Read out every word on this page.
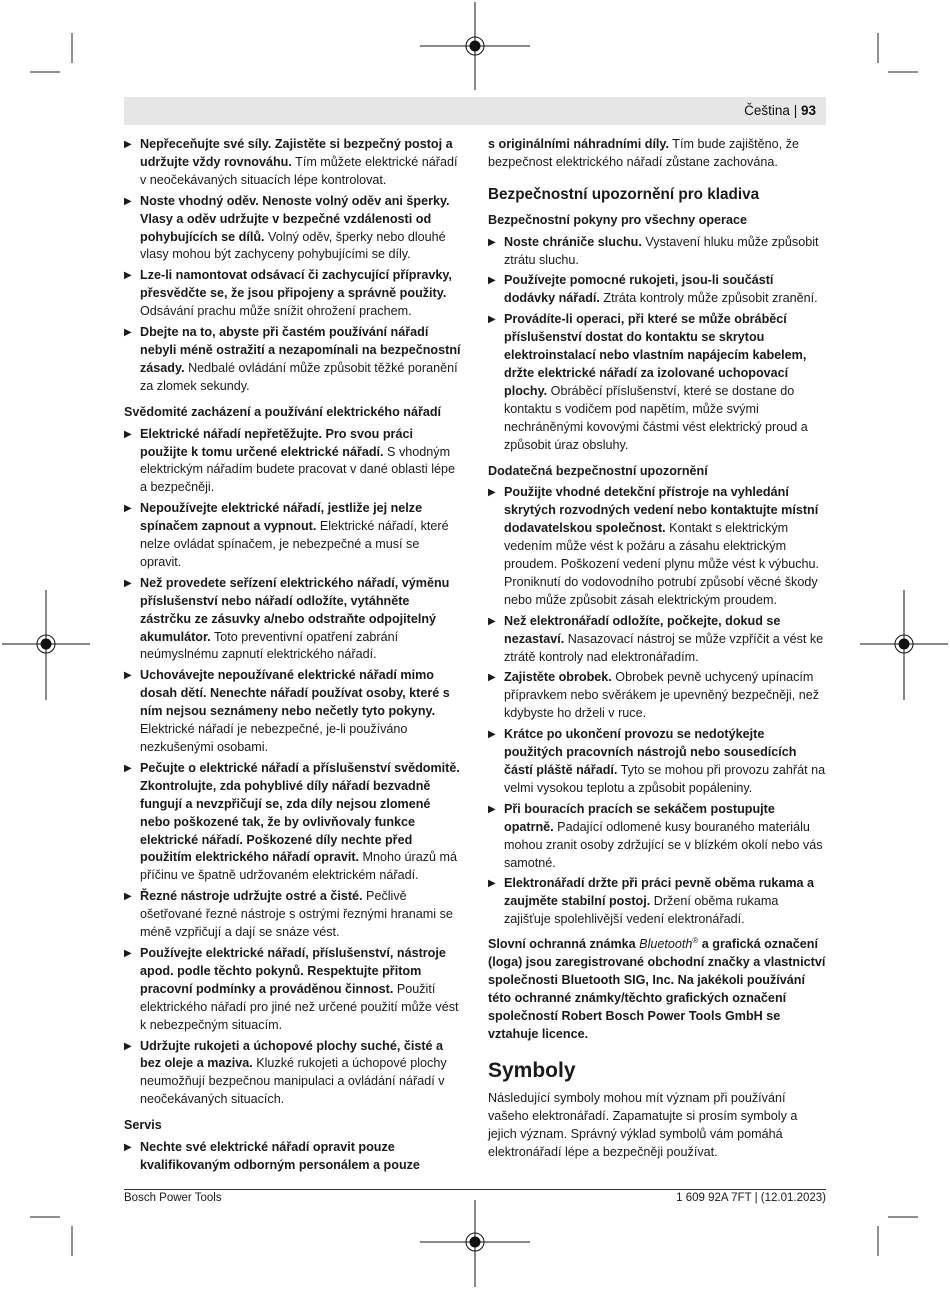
Čeština | 93
▶ Nepřeceňujte své síly. Zajistěte si bezpečný postoj a udržujte vždy rovnováhu. Tím můžete elektrické nářadí v neočekávaných situacích lépe kontrolovat.
▶ Noste vhodný oděv. Nenoste volný oděv ani šperky. Vlasy a oděv udržujte v bezpečné vzdálenosti od pohybujících se dílů. Volný oděv, šperky nebo dlouhé vlasy mohou být zachyceny pohybujícími se díly.
▶ Lze-li namontovat odsávací či zachycující přípravky, přesvědčte se, že jsou připojeny a správně použity. Odsávání prachu může snížit ohrožení prachem.
▶ Dbejte na to, abyste při častém používání nářadí nebyli méně ostražití a nezapomínali na bezpečnostní zásady. Nedbalé ovládání může způsobit těžké poranění za zlomek sekundy.
Svědomité zacházení a používání elektrického nářadí
▶ Elektrické nářadí nepřetěžujte. Pro svou práci použijte k tomu určené elektrické nářadí. S vhodným elektrickým nářadím budete pracovat v dané oblasti lépe a bezpečněji.
▶ Nepoužívejte elektrické nářadí, jestliže jej nelze spínačem zapnout a vypnout. Elektrické nářadí, které nelze ovládat spínačem, je nebezpečné a musí se opravit.
▶ Než provedete seřízení elektrického nářadí, výměnu příslušenství nebo nářadí odložíte, vytáhněte zástrčku ze zásuvky a/nebo odstraňte odpojitelný akumulátor. Toto preventivní opatření zabrání neúmyslnému zapnutí elektrického nářadí.
▶ Uchovávejte nepoužívané elektrické nářadí mimo dosah dětí. Nenechte nářadí používat osoby, které s ním nejsou seznámeny nebo nečetly tyto pokyny. Elektrické nářadí je nebezpečné, je-li používáno nezkušenými osobami.
▶ Pečujte o elektrické nářadí a příslušenství svědomitě. Zkontrolujte, zda pohyblivé díly nářadí bezvadně fungují a nevzpřičují se, zda díly nejsou zlomené nebo poškozené tak, že by ovlivňovaly funkce elektrické nářadí. Poškozené díly nechte před použitím elektrického nářadí opravit. Mnoho úrazů má příčinu ve špatně udržovaném elektrickém nářadí.
▶ Řezné nástroje udržujte ostré a čisté. Pečlivě ošetřované řezné nástroje s ostrými řeznými hranami se méně vzpřičují a dají se snáze vést.
▶ Používejte elektrické nářadí, příslušenství, nástroje apod. podle těchto pokynů. Respektujte přitom pracovní podmínky a prováděnou činnost. Použití elektrického nářadí pro jiné než určené použití může vést k nebezpečným situacím.
▶ Udržujte rukojeti a úchopové plochy suché, čisté a bez oleje a maziva. Kluzké rukojeti a úchopové plochy neumožňují bezpečnou manipulaci a ovládání nářadí v neočekávaných situacích.
Servis
▶ Nechte své elektrické nářadí opravit pouze kvalifikovaným odborným personálem a pouze
s originálními náhradními díly. Tím bude zajištěno, že bezpečnost elektrického nářadí zůstane zachována.
Bezpečnostní upozornění pro kladiva
Bezpečnostní pokyny pro všechny operace
▶ Noste chrániče sluchu. Vystavení hluku může způsobit ztrátu sluchu.
▶ Používejte pomocné rukojeti, jsou-li součástí dodávky nářadí. Ztráta kontroly může způsobit zranění.
▶ Provádíte-li operaci, při které se může obráběcí příslušenství dostat do kontaktu se skrytou elektroinstalací nebo vlastním napájecím kabelem, držte elektrické nářadí za izolované uchopovací plochy. Obráběcí příslušenství, které se dostane do kontaktu s vodičem pod napětím, může svými nechráněnými kovovými částmi vést elektrický proud a způsobit úraz obsluhy.
Dodatečná bezpečnostní upozornění
▶ Použijte vhodné detekční přístroje na vyhledání skrytých rozvodných vedení nebo kontaktujte místní dodavatelskou společnost. Kontakt s elektrickým vedením může vést k požáru a zásahu elektrickým proudem. Poškození vedení plynu může vést k výbuchu. Proniknutí do vodovodního potrubí způsobí věcné škody nebo může způsobit zásah elektrickým proudem.
▶ Než elektronářadí odložíte, počkejte, dokud se nezastaví. Nasazovací nástroj se může vzpříčit a vést ke ztrátě kontroly nad elektronářadím.
▶ Zajistěte obrobek. Obrobek pevně uchycený upínacím přípravkem nebo svěrákem je upevněný bezpečněji, než kdybyste ho drželi v ruce.
▶ Krátce po ukončení provozu se nedotýkejte použitých pracovních nástrojů nebo sousedících částí pláště nářadí. Tyto se mohou při provozu zahřát na velmi vysokou teplotu a způsobit popáleniny.
▶ Při bouracích pracích se sekáčem postupujte opatrně. Padající odlomené kusy bouraného materiálu mohou zranit osoby zdržující se v blízkém okolí nebo vás samotné.
▶ Elektronářadí držte při práci pevně oběma rukama a zaujměte stabilní postoj. Držení oběma rukama zajišťuje spolehlivější vedení elektronářadí.
Slovní ochranná známka Bluetooth® a grafická označení (loga) jsou zaregistrované obchodní značky a vlastnictví společnosti Bluetooth SIG, Inc. Na jakékoli používání této ochranné známky/těchto grafických označení společností Robert Bosch Power Tools GmbH se vztahuje licence.
Symboly
Následující symboly mohou mít význam při používání vašeho elektronářadí. Zapamatujte si prosím symboly a jejich význam. Správný výklad symbolů vám pomáhá elektronářadí lépe a bezpečněji používat.
Bosch Power Tools	1 609 92A 7FT | (12.01.2023)
